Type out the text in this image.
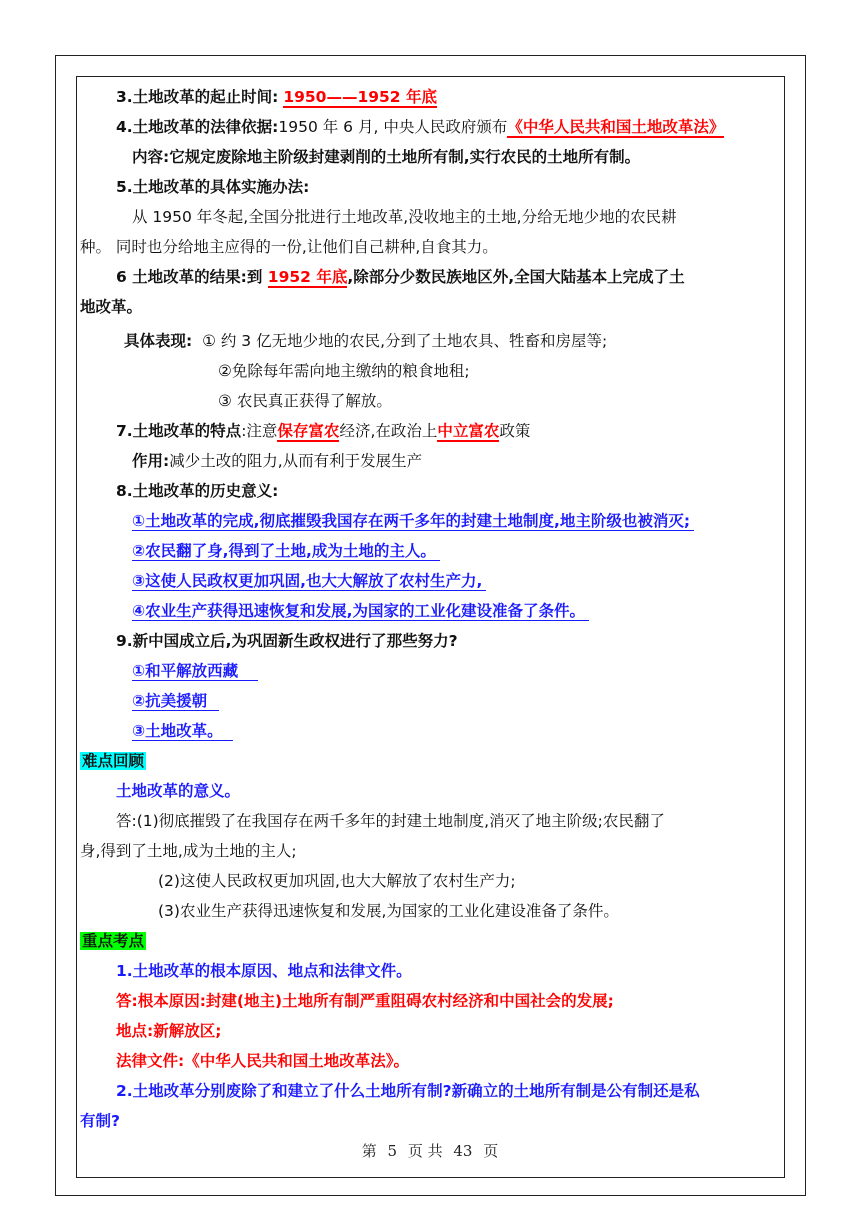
3.土地改革的起止时间: 1950——1952 年底
4.土地改革的法律依据:1950 年 6 月, 中央人民政府颁布《中华人民共和国土地改革法》
内容:它规定废除地主阶级封建剥削的土地所有制,实行农民的土地所有制。
5.土地改革的具体实施办法:
从 1950 年冬起,全国分批进行土地改革,没收地主的土地,分给无地少地的农民耕
种。 同时也分给地主应得的一份,让他们自己耕种,自食其力。
6 土地改革的结果:到 1952 年底,除部分少数民族地区外,全国大陆基本上完成了土
地改革。
具体表现: ① 约 3 亿无地少地的农民,分到了土地农具、牲畜和房屋等;
②免除每年需向地主缴纳的粮食地租;
③ 农民真正获得了解放。
7.土地改革的特点:注意保存富农经济,在政治上中立富农政策
作用:减少土改的阻力,从而有利于发展生产
8.土地改革的历史意义:
①土地改革的完成,彻底摧毁我国存在两千多年的封建土地制度,地主阶级也被消灭;
②农民翻了身,得到了土地,成为土地的主人。
③这使人民政权更加巩固,也大大解放了农村生产力,
④农业生产获得迅速恢复和发展,为国家的工业化建设准备了条件。
9.新中国成立后,为巩固新生政权进行了那些努力?
①和平解放西藏
②抗美援朝
③土地改革。
难点回顾
土地改革的意义。
答:(1)彻底摧毁了在我国存在两千多年的封建土地制度,消灭了地主阶级;农民翻了
身,得到了土地,成为土地的主人;
(2)这使人民政权更加巩固,也大大解放了农村生产力;
(3)农业生产获得迅速恢复和发展,为国家的工业化建设准备了条件。
重点考点
1.土地改革的根本原因、地点和法律文件。
答:根本原因:封建(地主)土地所有制严重阻碍农村经济和中国社会的发展;
地点:新解放区;
法律文件:《中华人民共和国土地改革法》。
2.土地改革分别废除了和建立了什么土地所有制?新确立的土地所有制是公有制还是私
有制?
第 5 页 共 43 页
